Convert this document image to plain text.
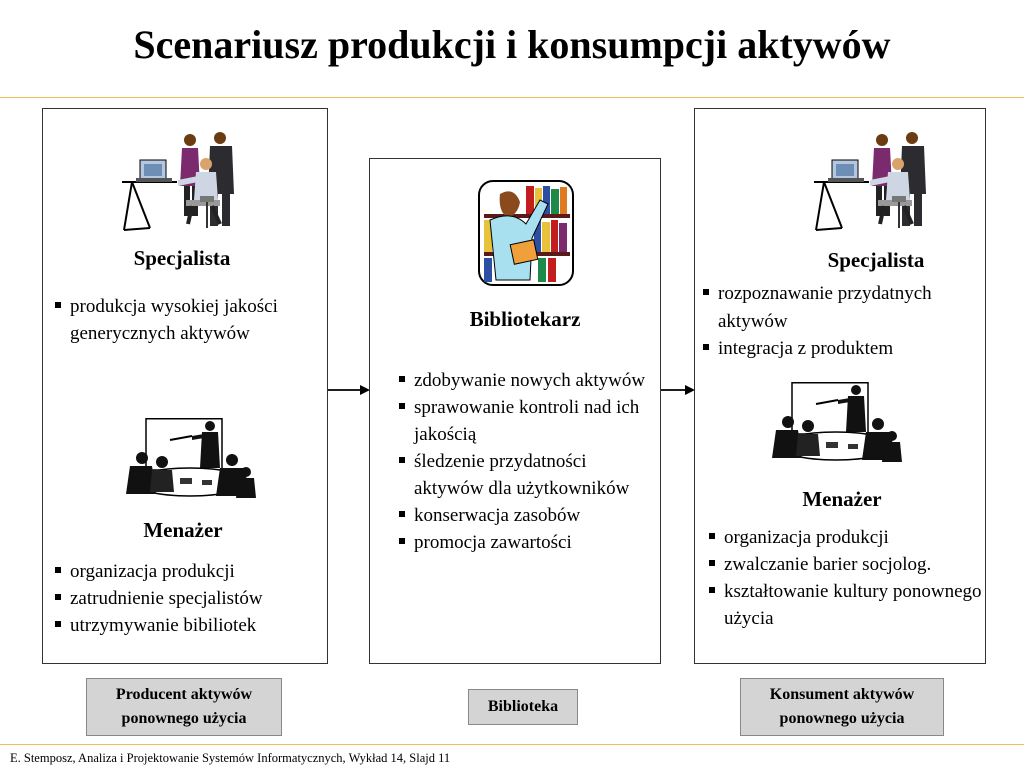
Scenariusz produkcji i konsumpcji aktywów
Specjalista
produkcja wysokiej jakości generycznych aktywów
Menażer
organizacja produkcji
zatrudnienie specjalistów
utrzymywanie bibiliotek
Bibliotekarz
zdobywanie nowych aktywów
sprawowanie kontroli nad ich jakością
śledzenie przydatności aktywów dla użytkowników
konserwacja zasobów
promocja zawartości
Specjalista
rozpoznawanie przydatnych aktywów
integracja z produktem
Menażer
organizacja produkcji
zwalczanie barier socjolog.
kształtowanie kultury ponownego użycia
Producent aktywów ponownego użycia
Biblioteka
Konsument aktywów ponownego użycia
E. Stemposz, Analiza i Projektowanie Systemów Informatycznych, Wykład 14, Slajd 11
